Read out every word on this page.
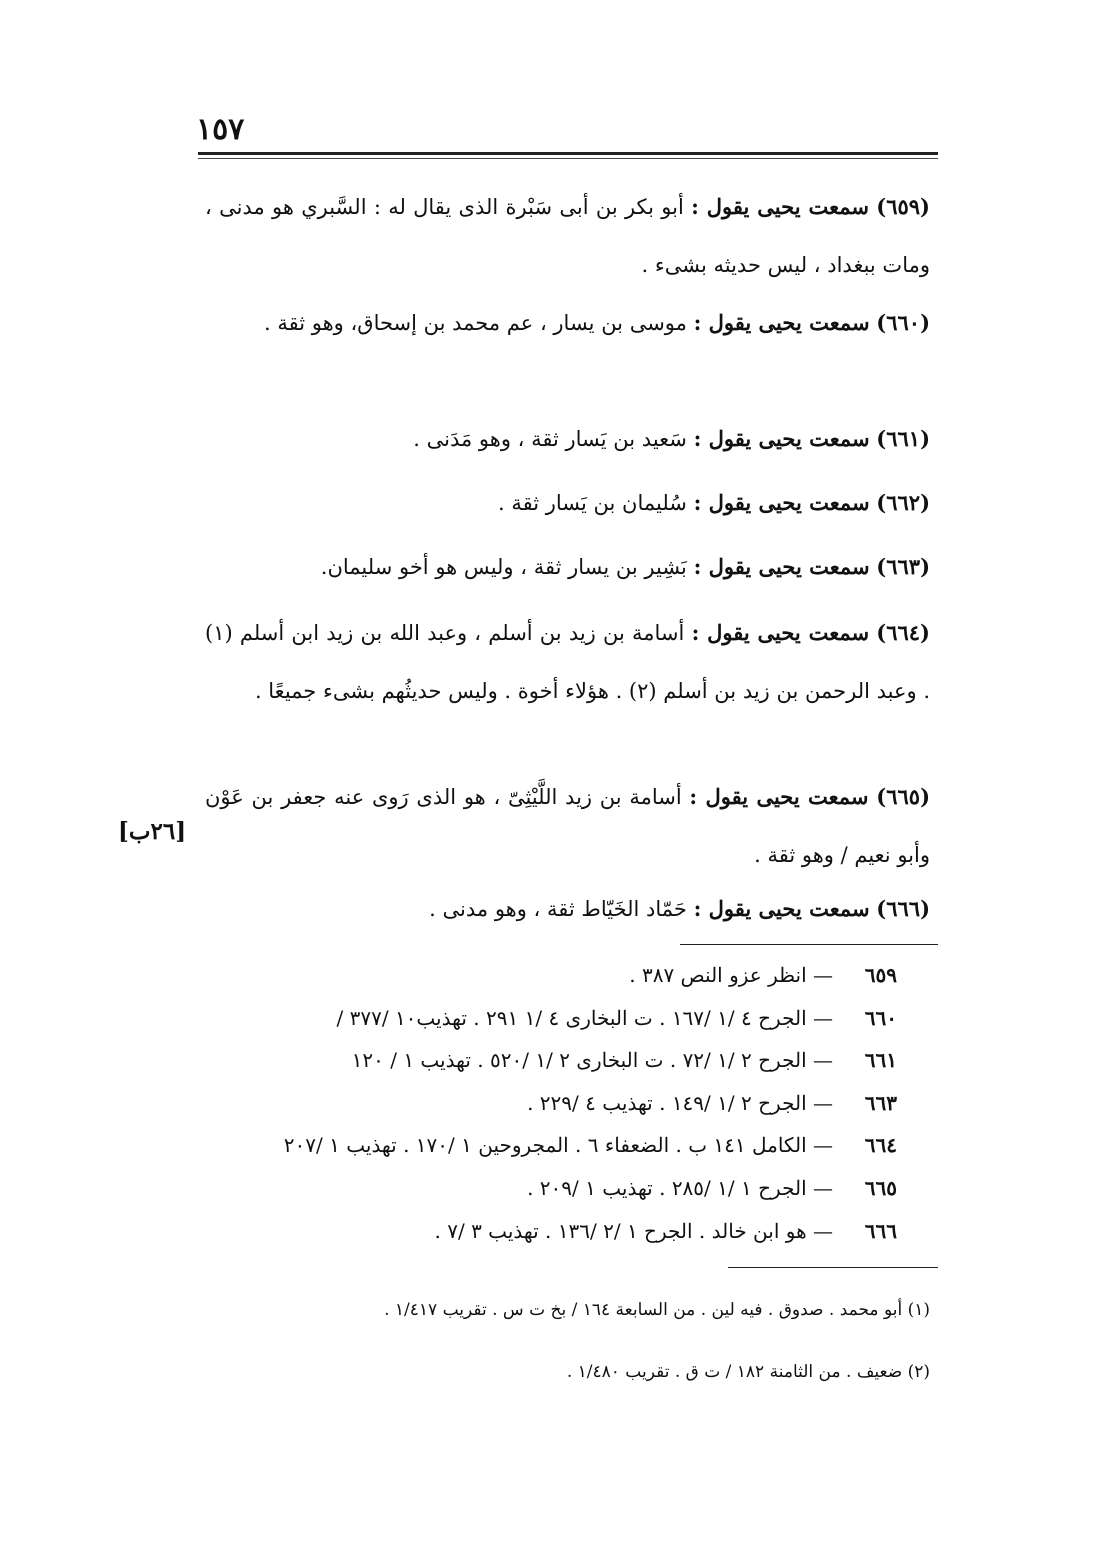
١٥٧
(٦٥٩) سمعت يحيى يقول : أبو بكر بن أبى سَبْرة الذى يقال له : السَّبري هو مدنى ، ومات ببغداد ، ليس حديثه بشىء .
(٦٦٠) سمعت يحيى يقول : موسى بن يسار ، عم محمد بن إسحاق، وهو ثقة .
(٦٦١) سمعت يحيى يقول : سَعيد بن يَسار ثقة ، وهو مَدَنى .
(٦٦٢) سمعت يحيى يقول : سُليمان بن يَسار ثقة .
(٦٦٣) سمعت يحيى يقول : بَشِير بن يسار ثقة ، وليس هو أخو سليمان.
(٦٦٤) سمعت يحيى يقول : أسامة بن زيد بن أسلم ، وعبد الله بن زيد ابن أسلم (١) . وعبد الرحمن بن زيد بن أسلم (٢) . هؤلاء أخوة . وليس حديثُهم بشىء جميعًا .
(٦٦٥) سمعت يحيى يقول : أسامة بن زيد اللَّيْثِىّ ، هو الذى رَوى عنه جعفر بن عَوْن وأبو نعيم / وهو ثقة .
[٢٦ب]
(٦٦٦) سمعت يحيى يقول : حَمّاد الخَيّاط ثقة ، وهو مدنى .
٦٥٩— انظر عزو النص ٣٨٧ .
٦٦٠— الجرح ٤ /١ /١٦٧ . ت البخارى ٤ /١ ٢٩١ . تهذيب١٠ /٣٧٧ /
٦٦١— الجرح ٢ /١ /٧٢ . ت البخارى ٢ /١ /٥٢٠ . تهذيب ١ / ١٢٠
٦٦٣— الجرح ٢ /١ /١٤٩ . تهذيب ٤ /٢٢٩ .
٦٦٤— الكامل ١٤١ ب . الضعفاء ٦ . المجروحين ١ /١٧٠ . تهذيب ١ /٢٠٧
٦٦٥— الجرح ١ /١ /٢٨٥ . تهذيب ١ /٢٠٩ .
٦٦٦— هو ابن خالد . الجرح ١ /٢ /١٣٦ . تهذيب ٣ /٧ .
(١) أبو محمد . صدوق . فيه لين . من السابعة ١٦٤ / بخ ت س . تقريب ١/٤١٧ .
(٢) ضعيف . من الثامنة ١٨٢ / ت ق . تقريب ١/٤٨٠ .
